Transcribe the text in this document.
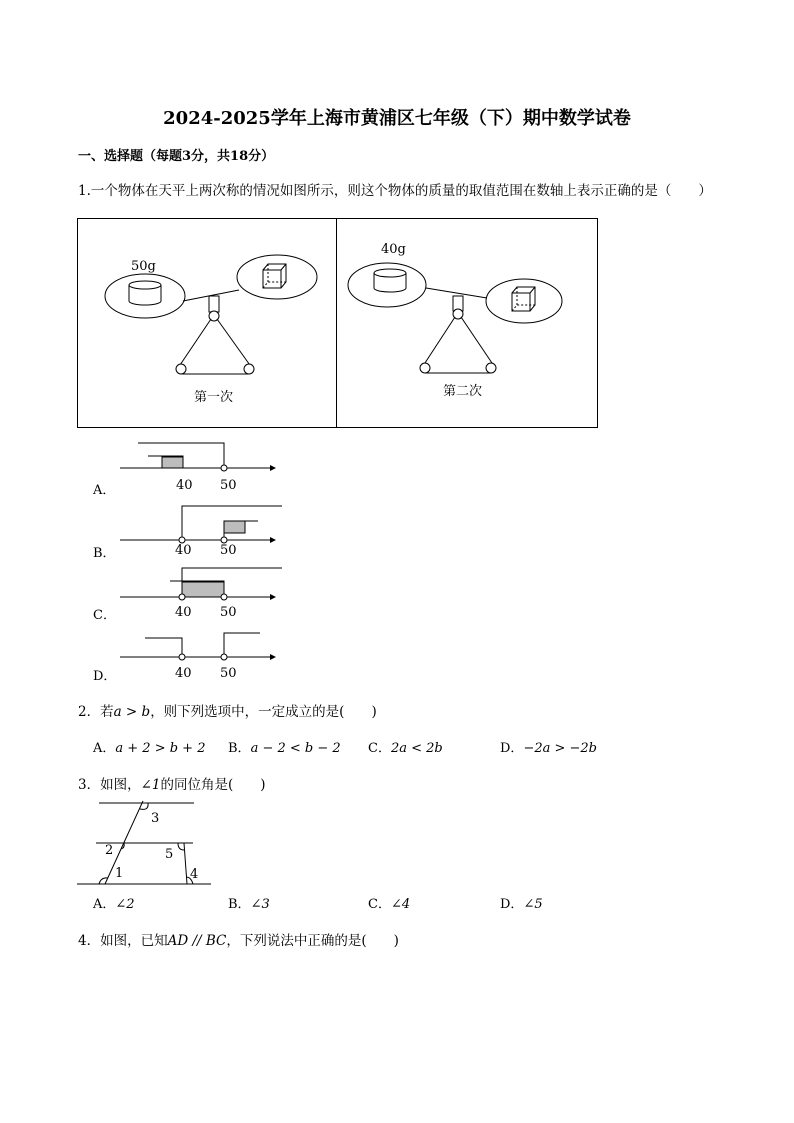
2024-2025学年上海市黄浦区七年级（下）期中数学试卷
一、选择题（每题3分，共18分）
1.一个物体在天平上两次称的情况如图所示，则这个物体的质量的取值范围在数轴上表示正确的是（　　）
50g
第一次
40g
第二次
A．	40 50
B．	40 50
C．	40 50
D．	40 50
2．若a > b，则下列选项中，一定成立的是(　　)
A．a + 2 > b + 2 B．a − 2 < b − 2 C．2a < 2b	D．−2a > −2b
3．如图，∠1的同位角是(　　)
1
2
3
4
5
A．∠2	B．∠3	C．∠4	D．∠5
4．如图，已知AD // BC，下列说法中正确的是(　　)
